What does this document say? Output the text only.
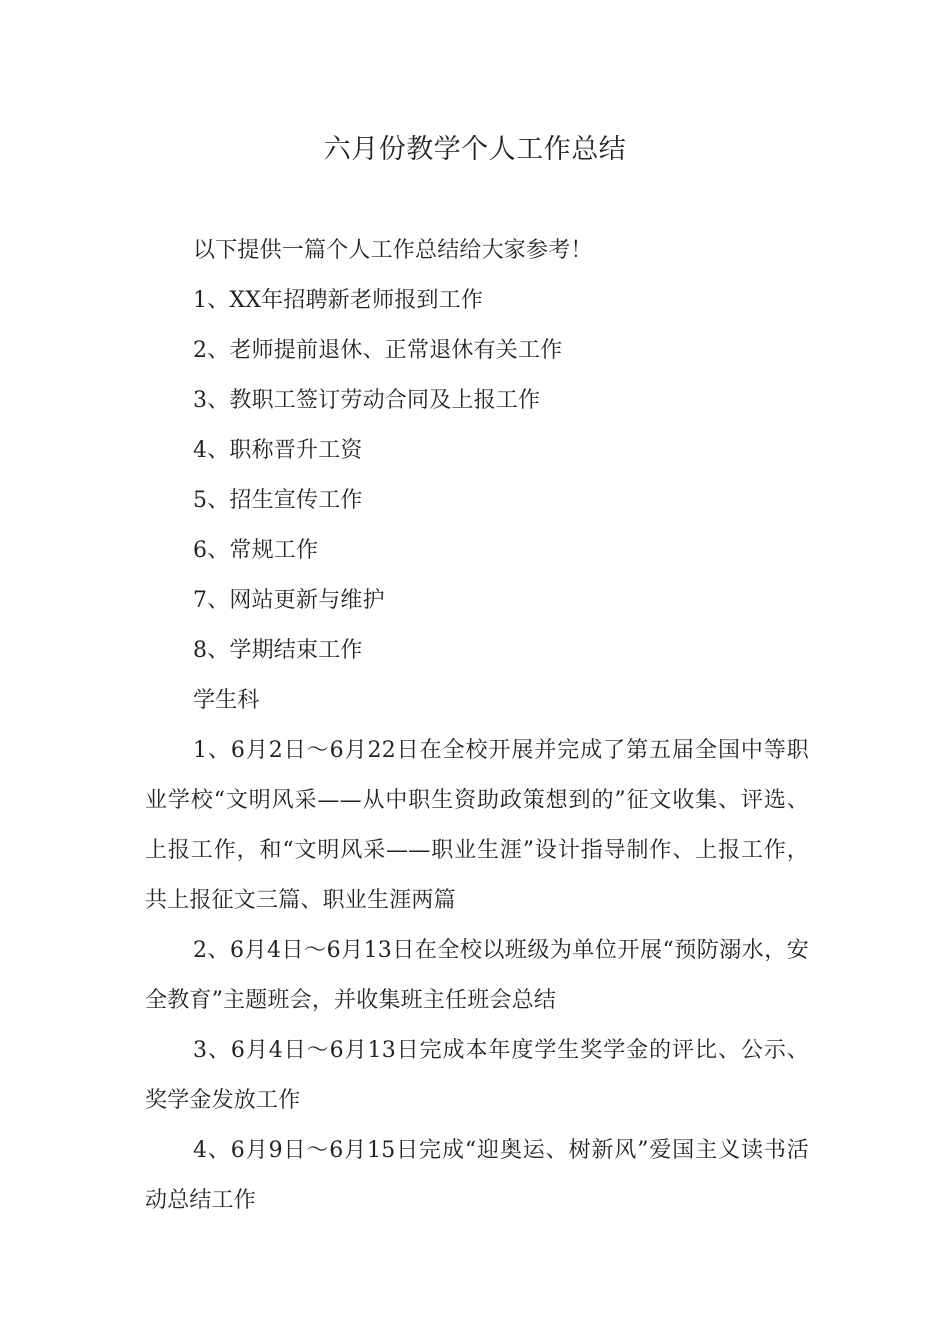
六月份教学个人工作总结

以下提供一篇个人工作总结给大家参考！

1、XX年招聘新老师报到工作

2、老师提前退休、正常退休有关工作

3、教职工签订劳动合同及上报工作

4、职称晋升工资

5、招生宣传工作

6、常规工作

7、网站更新与维护

8、学期结束工作

学生科

1、6月2日～6月22日在全校开展并完成了第五届全国中等职业学校“文明风采——从中职生资助政策想到的”征文收集、评选、上报工作，和“文明风采——职业生涯”设计指导制作、上报工作，共上报征文三篇、职业生涯两篇

2、6月4日～6月13日在全校以班级为单位开展“预防溺水，安全教育”主题班会，并收集班主任班会总结

3、6月4日～6月13日完成本年度学生奖学金的评比、公示、奖学金发放工作

4、6月9日～6月15日完成“迎奥运、树新风”爱国主义读书活动总结工作
